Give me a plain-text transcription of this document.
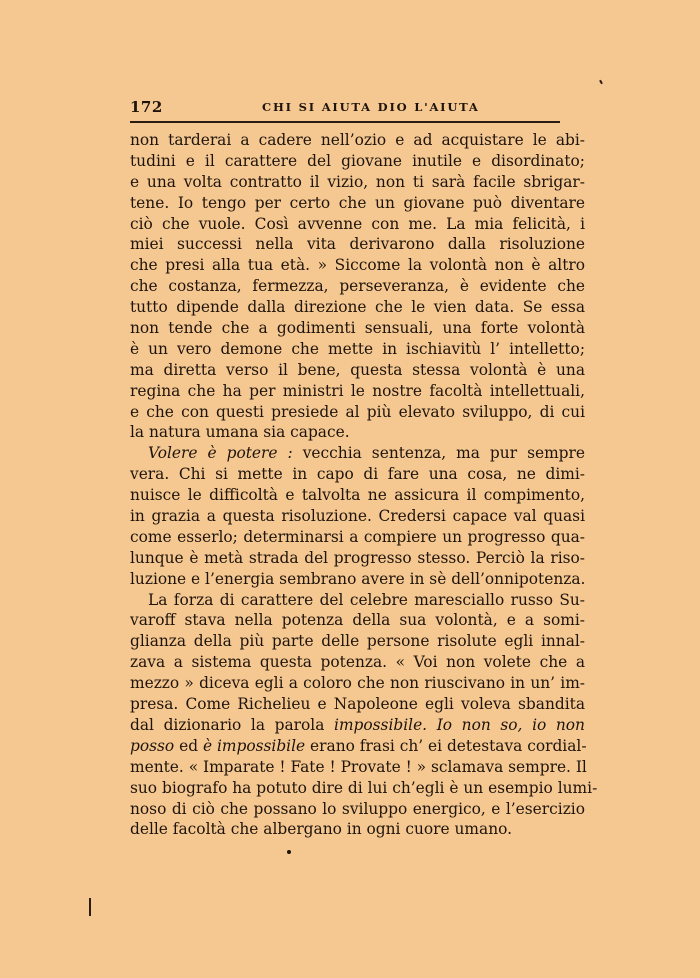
172	CHI SI AIUTA DIO L'AIUTA
non tarderai a cadere nell’ozio e ad acquistare le abi-
tudini e il carattere del giovane inutile e disordinato;
e una volta contratto il vizio, non ti sarà facile sbrigar-
tene. Io tengo per certo che un giovane può diventare
ciò che vuole. Così avvenne con me. La mia felicità, i
miei successi nella vita derivarono dalla risoluzione
che presi alla tua età. » Siccome la volontà non è altro
che costanza, fermezza, perseveranza, è evidente che
tutto dipende dalla direzione che le vien data. Se essa
non tende che a godimenti sensuali, una forte volontà
è un vero demone che mette in ischiavitù l’ intelletto;
ma diretta verso il bene, questa stessa volontà è una
regina che ha per ministri le nostre facoltà intellettuali,
e che con questi presiede al più elevato sviluppo, di cui
la natura umana sia capace.
Volere è potere : vecchia sentenza, ma pur sempre
vera. Chi si mette in capo di fare una cosa, ne dimi-
nuisce le difficoltà e talvolta ne assicura il compimento,
in grazia a questa risoluzione. Credersi capace val quasi
come esserlo; determinarsi a compiere un progresso qua-
lunque è metà strada del progresso stesso. Perciò la riso-
luzione e l’energia sembrano avere in sè dell’onnipotenza.
La forza di carattere del celebre maresciallo russo Su-
varoff stava nella potenza della sua volontà, e a somi-
glianza della più parte delle persone risolute egli innal-
zava a sistema questa potenza. « Voi non volete che a
mezzo » diceva egli a coloro che non riuscivano in un’ im-
presa. Come Richelieu e Napoleone egli voleva sbandita
dal dizionario la parola impossibile. Io non so, io non
posso ed è impossibile erano frasi ch’ ei detestava cordial-
mente. « Imparate ! Fate ! Provate ! » sclamava sempre. Il
suo biografo ha potuto dire di lui ch’egli è un esempio lumi-
noso di ciò che possano lo sviluppo energico, e l’esercizio
delle facoltà che albergano in ogni cuore umano.
